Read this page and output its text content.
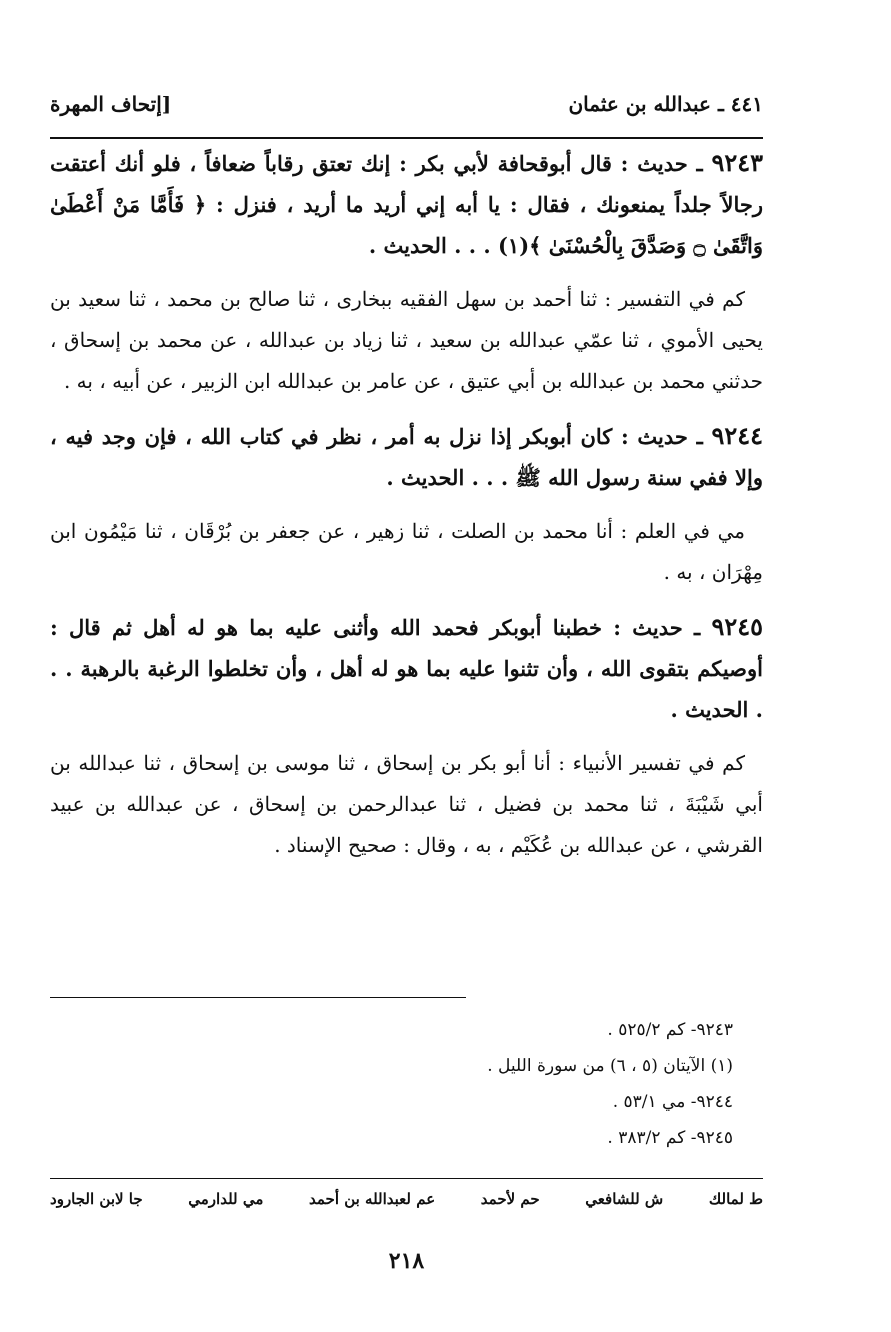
٤٤١ ـ عبدالله بن عثمان
[إتحاف المهرة

٩٢٤٣ ـ حديث : قال أبوقحافة لأبي بكر : إنك تعتق رقاباً ضعافاً ، فلو أنك أعتقت رجالاً جلداً يمنعونك ، فقال : يا أبه إني أريد ما أريد ، فنزل : ﴿ فَأَمَّا مَنْ أَعْطَىٰ وَاتَّقَىٰ ۝ وَصَدَّقَ بِالْحُسْنَىٰ ﴾(١) . . . الحديث .

كم في التفسير : ثنا أحمد بن سهل الفقيه ببخارى ، ثنا صالح بن محمد ، ثنا سعيد بن يحيى الأموي ، ثنا عمّي عبدالله بن سعيد ، ثنا زياد بن عبدالله ، عن محمد بن إسحاق ، حدثني محمد بن عبدالله بن أبي عتيق ، عن عامر بن عبدالله ابن الزبير ، عن أبيه ، به .

٩٢٤٤ ـ حديث : كان أبوبكر إذا نزل به أمر ، نظر في كتاب الله ، فإن وجد فيه ، وإلا ففي سنة رسول الله ﷺ . . . الحديث .

مي في العلم : أنا محمد بن الصلت ، ثنا زهير ، عن جعفر بن بُرْقَان ، ثنا مَيْمُون ابن مِهْرَان ، به .

٩٢٤٥ ـ حديث : خطبنا أبوبكر فحمد الله وأثنى عليه بما هو له أهل ثم قال : أوصيكم بتقوى الله ، وأن تثنوا عليه بما هو له أهل ، وأن تخلطوا الرغبة بالرهبة . . . الحديث .

كم في تفسير الأنبياء : أنا أبو بكر بن إسحاق ، ثنا موسى بن إسحاق ، ثنا عبدالله بن أبي شَيْبَةَ ، ثنا محمد بن فضيل ، ثنا عبدالرحمن بن إسحاق ، عن عبدالله بن عبيد القرشي ، عن عبدالله بن عُكَيْم ، به ، وقال : صحيح الإسناد .

٩٢٤٣- كم ٥٢٥/٢ .
(١) الآيتان (٥ ، ٦) من سورة الليل .
٩٢٤٤- مي ٥٣/١ .
٩٢٤٥- كم ٣٨٣/٢ .
ط لمالك
ش للشافعي
حم لأحمد
عم لعبدالله بن أحمد
مي للدارمي
جا لابن الجارود
٢١٨
